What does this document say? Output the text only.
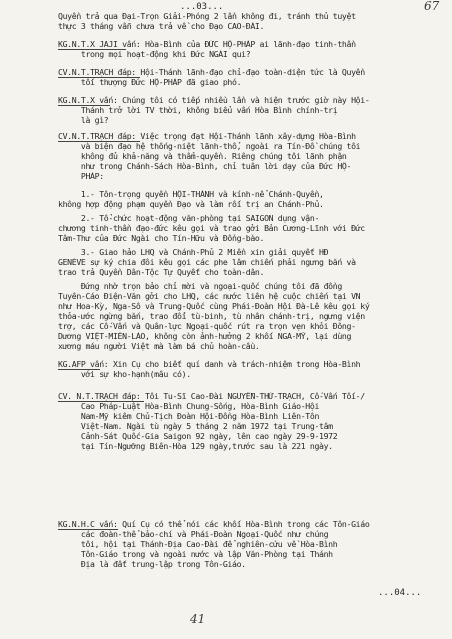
...03...	67
Quyền trả qua Đại-Trọn Giải-Phóng 2 lần không đi, tránh thủ tuyệt
thực 3 tháng vẫn chưa trả về cho Đạo CAO-ĐÀI.
KG.N.T.X JAJI vấn: Hòa-Bình của ĐỨC HỘ-PHÁP ai lãnh-đạo tinh-thần
trong mọi hoạt-động khi Đức NGÀI qui?
CV.N.T.TRẠCH đáp: Hội-Thánh lãnh-đạo chỉ-đạo toàn-diện tức là Quyền
tối thượng Đức HỘ-PHÁP đã giao phó.
KG.N.T.X vấn: Chúng tôi có tiếp nhiều lần và hiện trước giờ này Hội-
Thánh trở lời TV thời, không biểu vấn Hòa Bình chính-trị
là gì?
CV.N.T.TRẠCH đáp: Việc trọng đạt Hội-Thánh lãnh xây-dựng Hòa-Bình
và biện đạo hệ thống-niệt lãnh-thổ, ngoài ra Tín-Đồ chúng tôi
không đủ khả-năng và thẩm-quyền. Riêng chúng tôi lãnh phận
như trong Chánh-Sách Hòa-Bình, chỉ tuân lời dạy của Đức HỘ-
PHÁP:
1.- Tôn-trọng quyền HỘI-THÁNH và kính-nể Chánh-Quyền,
không hợp động phạm quyền Đạo và làm rối trị an Chánh-Phủ.
2.- Tổ-chức hoạt-động văn-phòng tại SAIGON dụng vận-
chương tinh-thần đạo-đức kêu gọi và trao gởi Bản Cương-Lĩnh với Đức
Tâm-Thư của Đức Ngài cho Tín-Hữu và Đồng-bào.
3.- Giao hảo LHQ và Chánh-Phủ 2 Miền xin giải quyết HĐ
GENÈVE sự ký chia đôi kêu gọi các phe lâm chiến phải ngưng bắn và
trao trả Quyền Dân-Tộc Tự Quyết cho toàn-dân.
Đứng nhờ trọn bảo chỉ mời và ngoại-quốc chúng tôi đã đồng
Tuyên-Cáo Điện-Văn gởi cho LHQ, các nước liên hệ cuộc chiến tại VN
như Hoa-Kỳ, Nga-Sô và Trung-Quốc cùng Phái-Đoàn Hội Đà-Lê kêu gọi ký
thỏa-ước ngừng bắn, trao đổi tù-binh, tù nhân chánh-trị, ngưng viện
trợ, các Cố-Vấn và Quân-lực Ngoại-quốc rút ra trọn vẹn khỏi Đông-
Dương VIỆT-MIÊN-LÀO, không còn ảnh-hưởng 2 khối NGA-MỸ, lại dùng
xương máu người Việt mà làm bá chủ hoàn-cầu.
KG.AFP vấn: Xin Cụ cho biết quí danh và trách-nhiệm trong Hòa-Bình
với sự kho-hạnh(mâu có).
CV. N.T.TRẠCH đáp: Tôi Tu-Sĩ Cao-Đài NGUYỄN-THỪ-TRẠCH, Cố-Vấn Tối-/
Cao Pháp-Luật Hòa-Bình Chung-Sống, Hòa-Bình Giáo-Hội
Nam-Mỹ kiêm Chủ-Tịch Đoàn Hội-Đồng Hòa-Bình Liên-Tôn
Việt-Nam. Ngài tù ngày 5 tháng 2 năm 1972 tại Trung-tâm
Cảnh-Sát Quốc-Gia Saigon 92 ngày, lên cao ngày 29-9-1972
tại Tín-Ngưỡng Biên-Hòa 129 ngày,trước sau là 221 ngày.
KG.N.H.C vấn: Quí Cụ có thể nói các khối Hòa-Bình trong các Tôn-Giáo
các đoàn-thể bảo-chí và Phái-Đoàn Ngoại-Quốc như chúng
tôi, hội tại Thánh-Địa Cao-Đài để nghiên-cứu về Hòa-Bình
Tôn-Giáo trong và ngoài nước và lập Văn-Phòng tại Thánh
Địa là đất trung-lập trong Tôn-Giáo.
41
...04...
